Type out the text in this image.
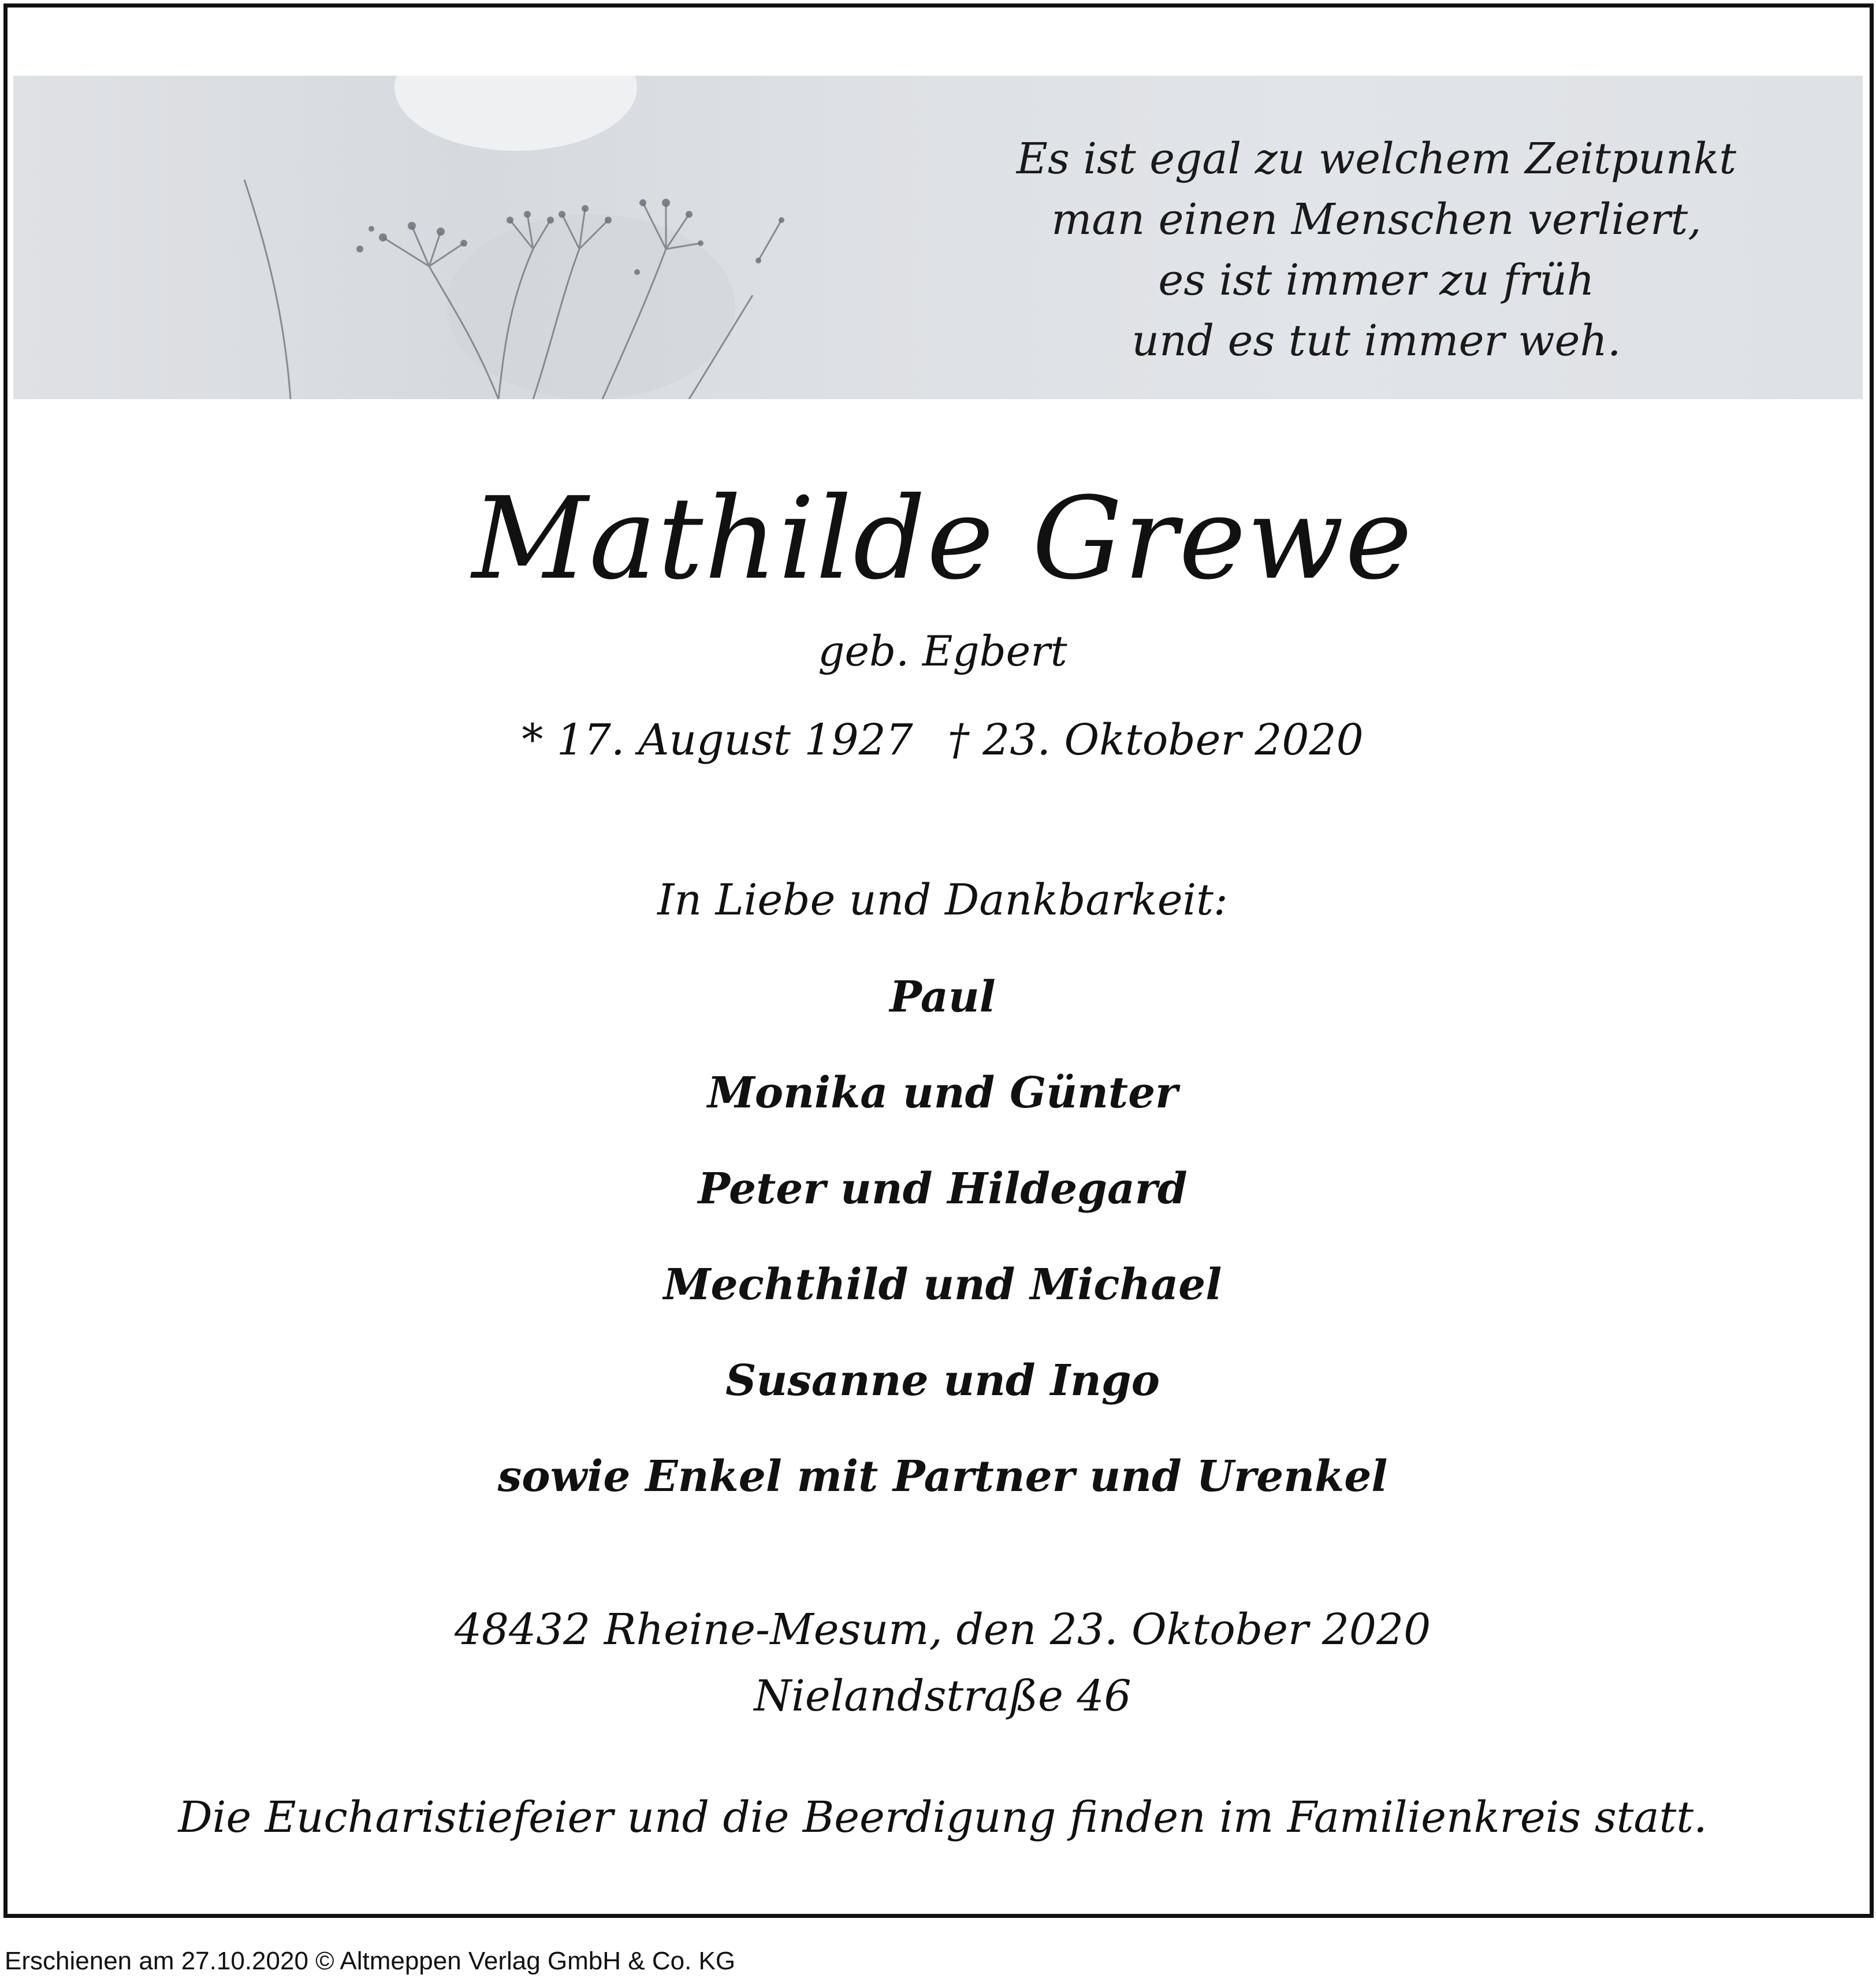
Es ist egal zu welchem Zeitpunkt
man einen Menschen verliert,
es ist immer zu früh
und es tut immer weh.
Mathilde Grewe
geb. Egbert
* 17. August 1927 † 23. Oktober 2020
In Liebe und Dankbarkeit:
Paul
Monika und Günter
Peter und Hildegard
Mechthild und Michael
Susanne und Ingo
sowie Enkel mit Partner und Urenkel
48432 Rheine-Mesum, den 23. Oktober 2020
Nielandstraße 46
Die Eucharistiefeier und die Beerdigung finden im Familienkreis statt.
Erschienen am 27.10.2020 © Altmeppen Verlag GmbH & Co. KG
